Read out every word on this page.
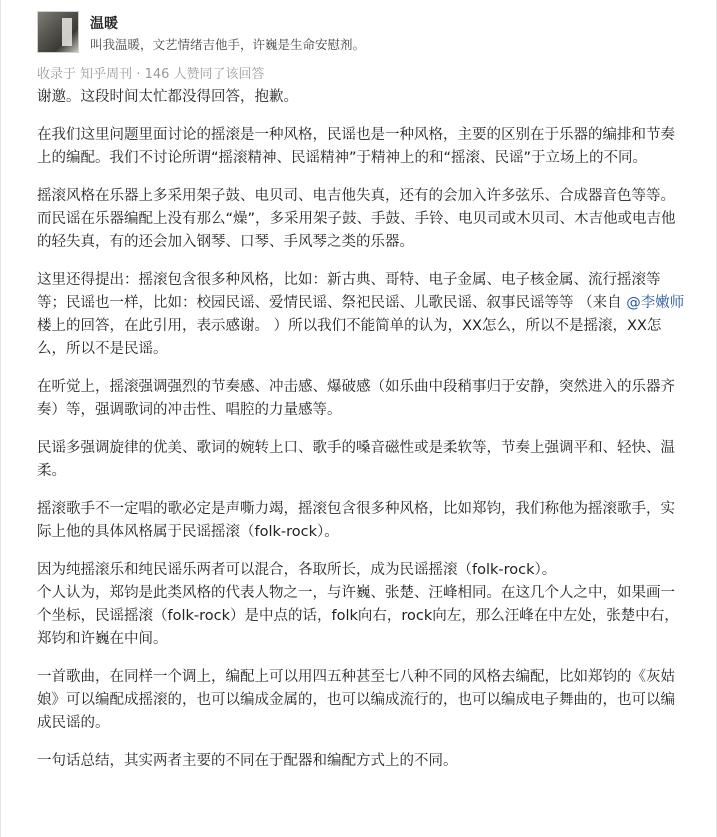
温暖
叫我温暖，文艺情绪吉他手，许巍是生命安慰剂。
收录于 知乎周刊 · 146 人赞同了该回答

谢邀。这段时间太忙都没得回答，抱歉。

在我们这里问题里面讨论的摇滚是一种风格，民谣也是一种风格，主要的区别在于乐器的编排和节奏上的编配。我们不讨论所谓“摇滚精神、民谣精神”于精神上的和“摇滚、民谣”于立场上的不同。

摇滚风格在乐器上多采用架子鼓、电贝司、电吉他失真，还有的会加入许多弦乐、合成器音色等等。

而民谣在乐器编配上没有那么“燥”，多采用架子鼓、手鼓、手铃、电贝司或木贝司、木吉他或电吉他的轻失真，有的还会加入钢琴、口琴、手风琴之类的乐器。

这里还得提出：摇滚包含很多种风格，比如：新古典、哥特、电子金属、电子核金属、流行摇滚等等；民谣也一样，比如：校园民谣、爱情民谣、祭祀民谣、儿歌民谣、叙事民谣等等 （来自 @李嫩师 楼上的回答，在此引用，表示感谢。 ）所以我们不能简单的认为，XX怎么，所以不是摇滚，XX怎么，所以不是民谣。

在听觉上，摇滚强调强烈的节奏感、冲击感、爆破感（如乐曲中段稍事归于安静，突然进入的乐器齐奏）等，强调歌词的冲击性、唱腔的力量感等。

民谣多强调旋律的优美、歌词的婉转上口、歌手的嗓音磁性或是柔软等，节奏上强调平和、轻快、温柔。

摇滚歌手不一定唱的歌必定是声嘶力竭，摇滚包含很多种风格，比如郑钧，我们称他为摇滚歌手，实际上他的具体风格属于民谣摇滚（folk-rock）。

因为纯摇滚乐和纯民谣乐两者可以混合，各取所长，成为民谣摇滚（folk-rock）。

个人认为，郑钧是此类风格的代表人物之一，与许巍、张楚、汪峰相同。在这几个人之中，如果画一个坐标，民谣摇滚（folk-rock）是中点的话，folk向右，rock向左，那么汪峰在中左处，张楚中右，郑钧和许巍在中间。

一首歌曲，在同样一个调上，编配上可以用四五种甚至七八种不同的风格去编配，比如郑钧的《灰姑娘》可以编配成摇滚的，也可以编成金属的，也可以编成流行的，也可以编成电子舞曲的，也可以编成民谣的。

一句话总结，其实两者主要的不同在于配器和编配方式上的不同。
